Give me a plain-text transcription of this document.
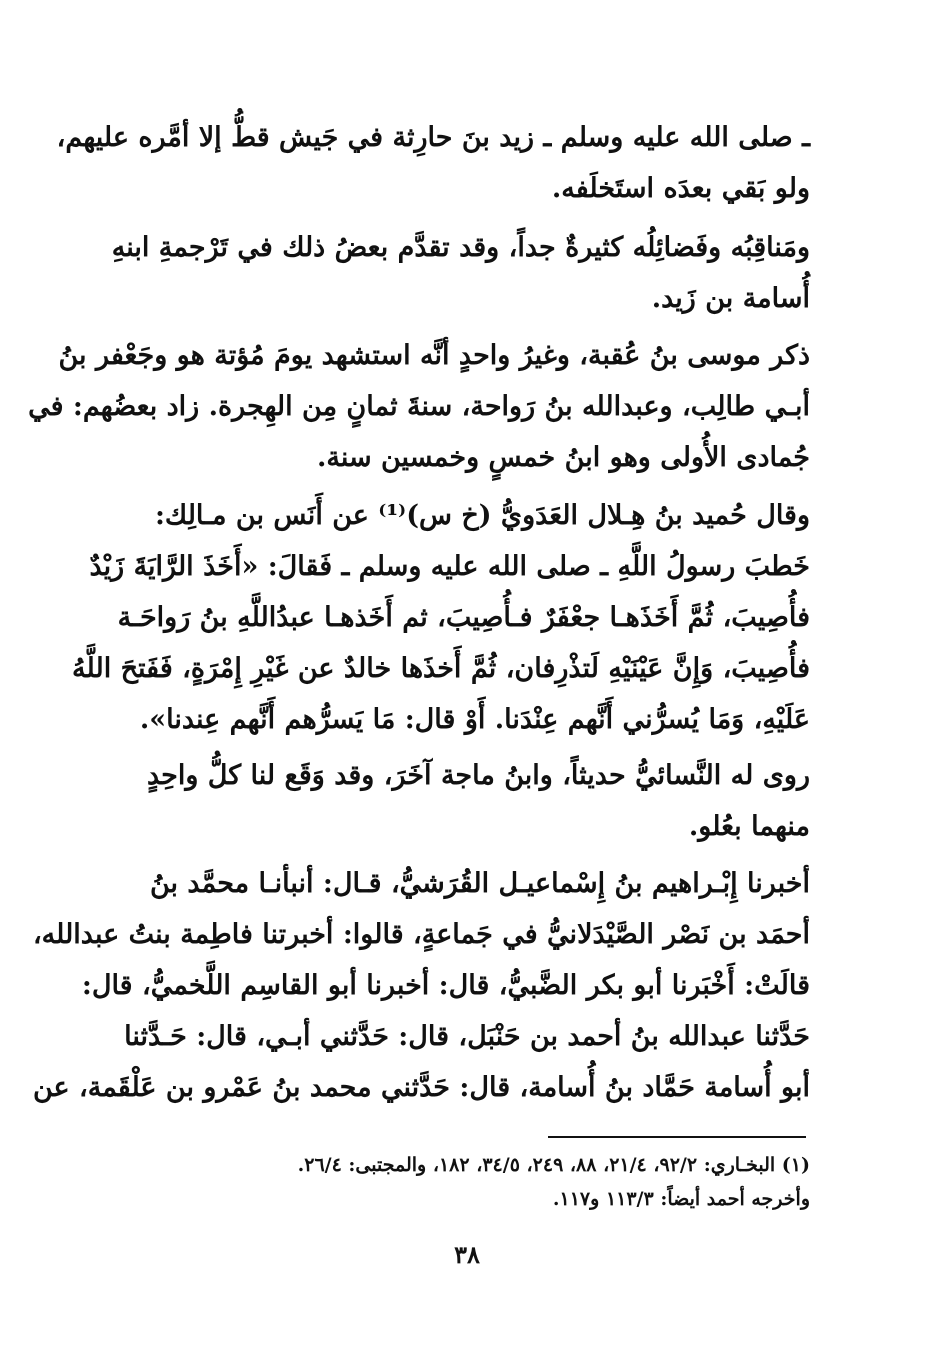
ـ صلى الله عليه وسلم ـ زيد بنَ حارِثة في جَيش قطُّ إلا أمَّره عليهم،
ولو بَقي بعدَه استَخلَفه.
ومَناقِبُه وفَضائِلُه كثيرةٌ جداً، وقد تقدَّم بعضُ ذلك في تَرْجمةِ ابنهِ
أُسامة بن زَيد.
ذكر موسى بنُ عُقبة، وغيرُ واحدٍ أنَّه استشهد يومَ مُؤتة هو وجَعْفر بنُ
أبـي طالِب، وعبدالله بنُ رَواحة، سنةَ ثمانٍ مِن الهِجرة. زاد بعضُهم: في
جُمادى الأُولى وهو ابنُ خمسٍ وخمسين سنة.
وقال حُميد بنُ هِـلال العَدَويُّ (خ س)⁽¹⁾ عن أَنَس بن مـالِك:
خَطبَ رسولُ اللَّهِ ـ صلى الله عليه وسلم ـ فَقالَ: «أَخَذَ الرَّايَةَ زَيْدٌ
فأُصِيبَ، ثُمَّ أَخَذَهـا جعْفَرٌ فـأُصِيبَ، ثم أَخَذهـا عبدُاللَّهِ بنُ رَواحَـة
فأُصِيبَ، وَإِنَّ عَيْنَيْهِ لَتذْرِفان، ثُمَّ أَخذَها خالدٌ عن غَيْرِ إِمْرَةٍ، فَفَتحَ اللَّهُ
عَلَيْهِ، وَمَا يُسرُّني أَنَّهم عِنْدَنا. أَوْ قال: مَا يَسرُّهم أَنَّهم عِندنا».
روى له النَّسائيُّ حديثاً، وابنُ ماجة آخَرَ، وقد وَقَع لنا كلُّ واحِدٍ
منهما بعُلو.
أخبرنا إِبْـراهيم بنُ إِسْماعيـل القُرَشيُّ، قـال: أنبأنـا محمَّد بنُ
أحمَد بن نَصْر الصَّيْدَلانيُّ في جَماعةٍ، قالوا: أخبرتنا فاطِمة بنتُ عبدالله،
قالَتْ: أَخْبَرنا أبو بكر الضَّبيُّ، قال: أخبرنا أبو القاسِم اللَّخميُّ، قال:
حَدَّثنا عبدالله بنُ أحمد بن حَنْبَل، قال: حَدَّثني أبـي، قال: حَـدَّثنا
أبو أُسامة حَمَّاد بنُ أُسامة، قال: حَدَّثني محمد بنُ عَمْرو بن عَلْقَمة، عن
(١) البخـاري: ٩٢/٢، ٢١/٤، ٨٨، ٢٤٩، ٣٤/٥، ١٨٢، والمجتبى: ٢٦/٤.
وأخرجه أحمد أيضاً: ١١٣/٣ و١١٧.
٣٨
